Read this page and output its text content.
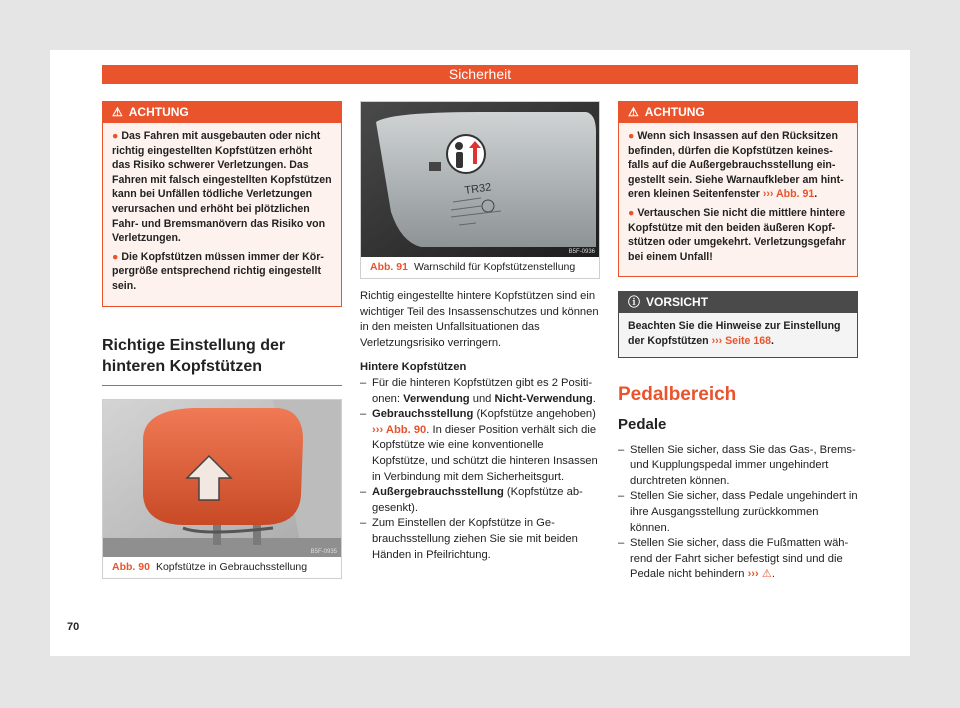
Sicherheit
⚠ ACHTUNG

● Das Fahren mit ausgebauten oder nicht richtig eingestellten Kopfstützen erhöht das Risiko schwerer Verletzungen. Das Fahren mit falsch eingestellten Kopfstützen kann bei Unfällen tödliche Verletzungen verursachen und erhöht bei plötzlichen Fahr- und Bremsmanövern das Risiko von Verletzungen.

● Die Kopfstützen müssen immer der Körpergröße entsprechend richtig eingestellt sein.

Richtige Einstellung der hinteren Kopfstützen

B5F-0935
Abb. 90 Kopfstütze in Gebrauchsstellung
TR32
B5F-0936
Abb. 91 Warnschild für Kopfstützenstellung

Richtig eingestellte hintere Kopfstützen sind ein wichtiger Teil des Insassenschutzes und können in den meisten Unfallsituationen das Verletzungsrisiko verringern.

Hintere Kopfstützen

– Für die hinteren Kopfstützen gibt es 2 Positionen: Verwendung und Nicht-Verwendung.

– Gebrauchsstellung (Kopfstütze angehoben) ››› Abb. 90. In dieser Position verhält sich die Kopfstütze wie eine konventionelle Kopfstütze, und schützt die hinteren Insassen in Verbindung mit dem Sicherheitsgurt.

– Außergebrauchsstellung (Kopfstütze abgesenkt).

– Zum Einstellen der Kopfstütze in Gebrauchsstellung ziehen Sie sie mit beiden Händen in Pfeilrichtung.

⚠ ACHTUNG

● Wenn sich Insassen auf den Rücksitzen befinden, dürfen die Kopfstützen keinesfalls auf die Außergebrauchsstellung eingestellt sein. Siehe Warnaufkleber am hinteren kleinen Seitenfenster ››› Abb. 91.

● Vertauschen Sie nicht die mittlere hintere Kopfstütze mit den beiden äußeren Kopfstützen oder umgekehrt. Verletzungsgefahr bei einem Unfall!

ⓘ VORSICHT
Beachten Sie die Hinweise zur Einstellung der Kopfstützen ››› Seite 168.

Pedalbereich

Pedale

– Stellen Sie sicher, dass Sie das Gas-, Brems- und Kupplungspedal immer ungehindert durchtreten können.

– Stellen Sie sicher, dass Pedale ungehindert in ihre Ausgangsstellung zurückkommen können.

– Stellen Sie sicher, dass die Fußmatten während der Fahrt sicher befestigt sind und die Pedale nicht behindern ››› ⚠.

70
